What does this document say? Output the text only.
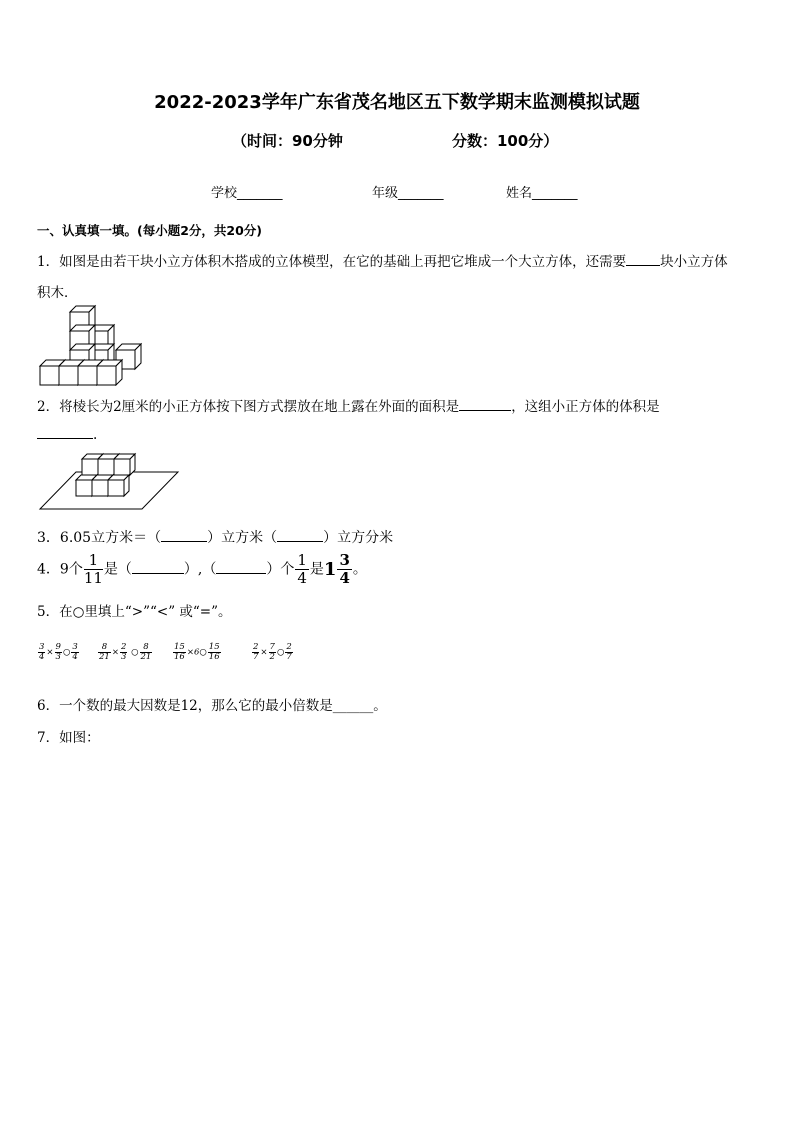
2022-2023学年广东省茂名地区五下数学期末监测模拟试题
（时间：90分钟	分数：100分）
学校_______	年级_______	姓名_______
一、认真填一填。(每小题2分，共20分)
1．如图是由若干块小立方体积木搭成的立体模型，在它的基础上再把它堆成一个大立方体，还需要	块小立方体
积木．
2．将棱长为2厘米的小正方体按下图方式摆放在地上露在外面的面积是	，这组小正方体的体积是
.
3．6.05立方米＝（	）立方米（	）立方分米
4．9个 $\frac{1}{11}$ 是（	）,（	）个 $\frac{1}{4}$ 是$1 \frac{3}{4}$ 。
5．在○里填上“>”“<” 或“=”。
$\frac{3}{4} \times \frac{9}{3}$ ○ $\frac{3}{4} \frac{8}{21} \times \frac{2}{3}$ ○ $\frac{8}{21} \frac{15}{16}$ ×6○ $\frac{15}{16}$	$\frac{2}{7} \times \frac{7}{2}$ ○ $\frac{2}{7}$
6．一个数的最大因数是12，那么它的最小倍数是______。
7．如图：
